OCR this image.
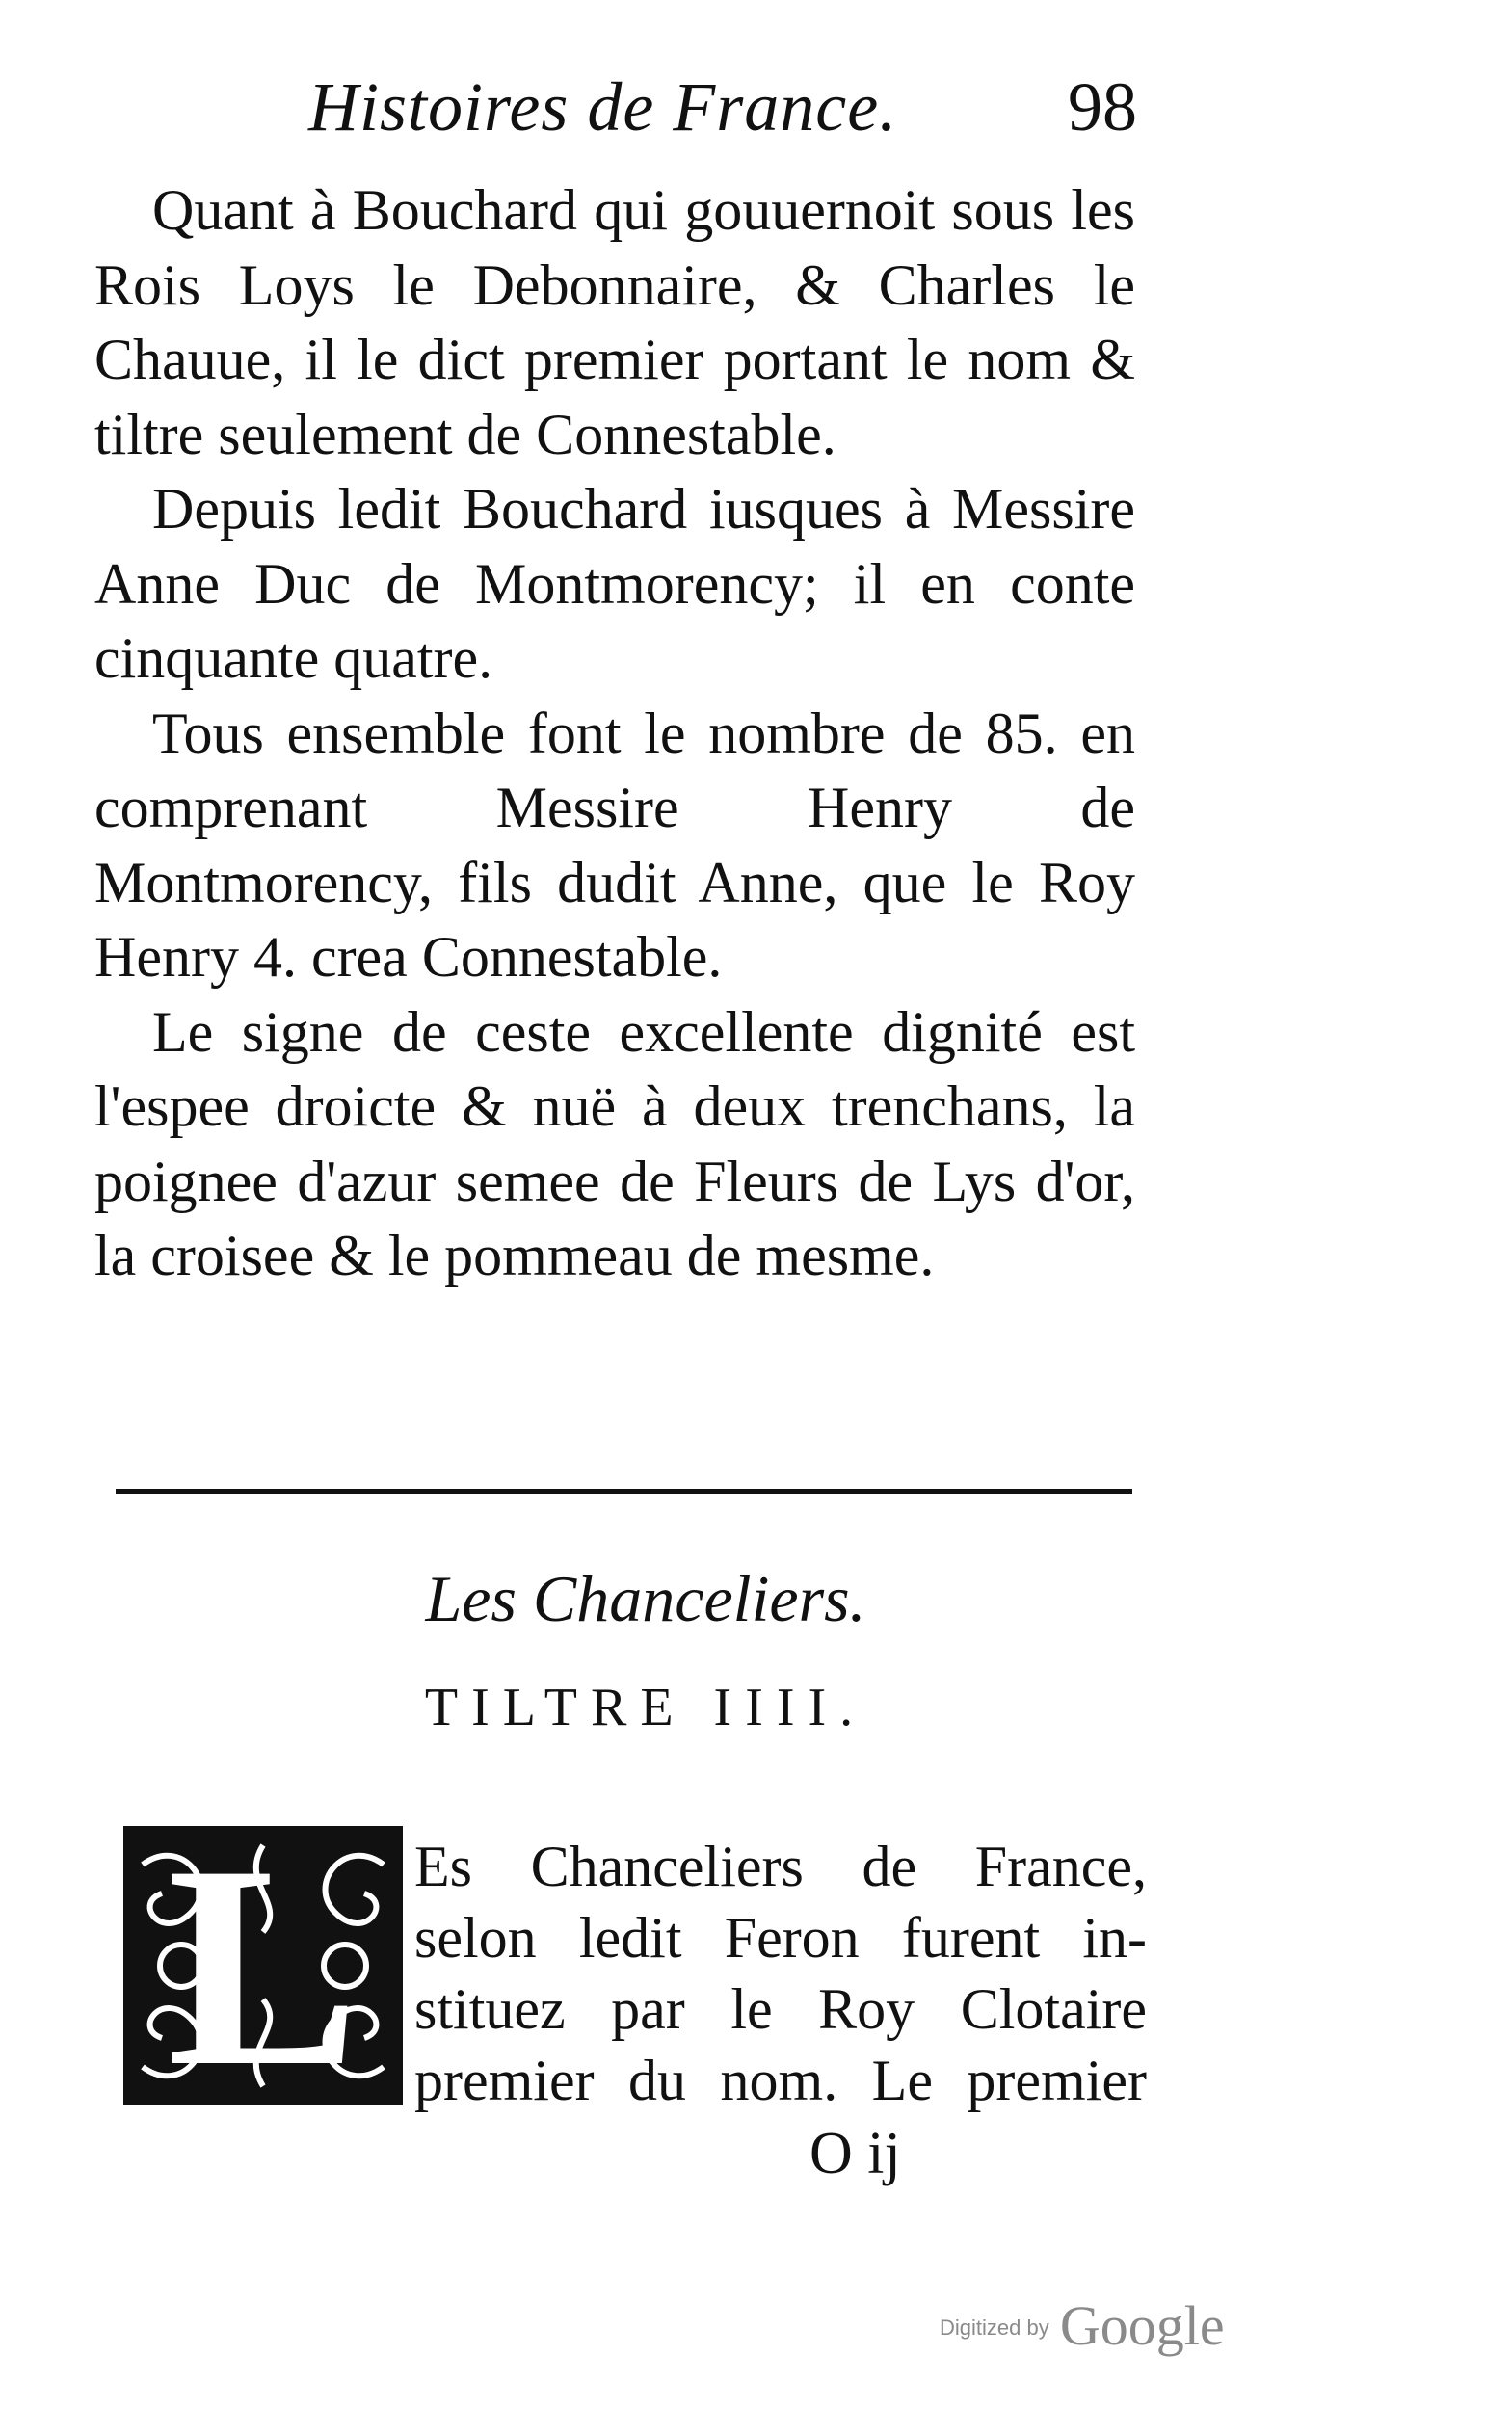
Histoires de France. 98

Quant à Bouchard qui gouuernoit sous les Rois Loys le Debonnaire, & Charles le Chauue, il le dict premier portant le nom & tiltre seulement de Connestable.

Depuis ledit Bouchard iusques à Messire Anne Duc de Montmorency; il en conte cinquante quatre.

Tous ensemble font le nombre de 85. en comprenant Messire Henry de Montmorency, fils dudit Anne, que le Roy Henry 4. crea Connestable.

Le signe de ceste excellente dignité est l'espee droicte & nuë à deux trenchans, la poignee d'azur semee de Fleurs de Lys d'or, la croisee & le pommeau de mesme.

Les Chanceliers.
TILTRE IIII.
L Es Chanceliers de France,
selon ledit Feron furent in-
stituez par le Roy Clotaire
premier du nom. Le premier
O ij
Digitized by Google
